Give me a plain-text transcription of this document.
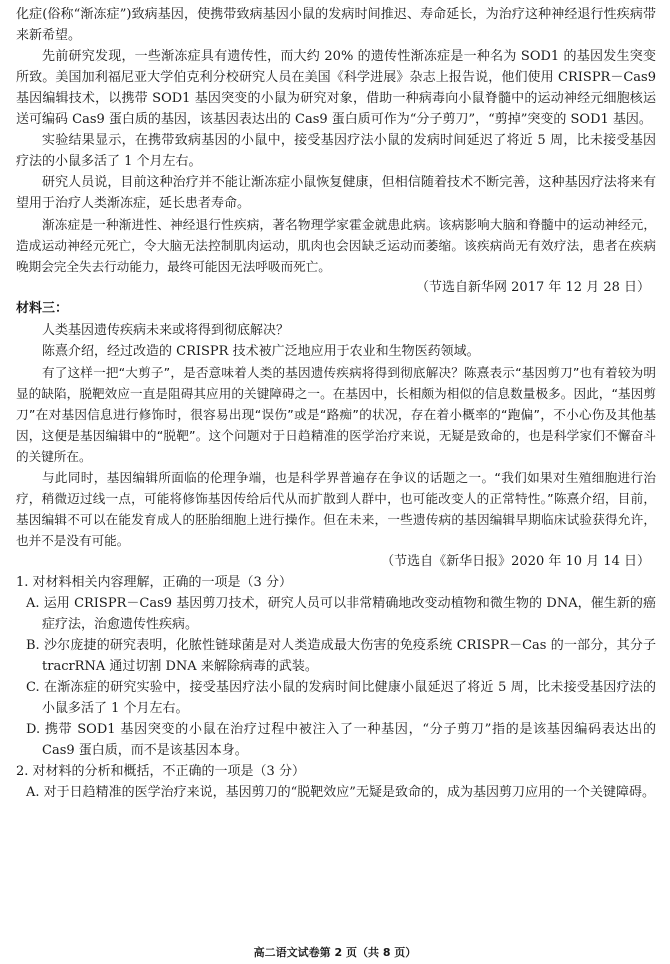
化症(俗称“渐冻症”)致病基因，使携带致病基因小鼠的发病时间推迟、寿命延长，为治疗这种神经退行性疾病带来新希望。

先前研究发现，一些渐冻症具有遗传性，而大约 20% 的遗传性渐冻症是一种名为 SOD1 的基因发生突变所致。美国加利福尼亚大学伯克利分校研究人员在美国《科学进展》杂志上报告说，他们使用 CRISPR－Cas9 基因编辑技术，以携带 SOD1 基因突变的小鼠为研究对象，借助一种病毒向小鼠脊髓中的运动神经元细胞核运送可编码 Cas9 蛋白质的基因，该基因表达出的 Cas9 蛋白质可作为“分子剪刀”，“剪掉”突变的 SOD1 基因。

实验结果显示，在携带致病基因的小鼠中，接受基因疗法小鼠的发病时间延迟了将近 5 周，比未接受基因疗法的小鼠多活了 1 个月左右。

研究人员说，目前这种治疗并不能让渐冻症小鼠恢复健康，但相信随着技术不断完善，这种基因疗法将来有望用于治疗人类渐冻症，延长患者寿命。

渐冻症是一种渐进性、神经退行性疾病，著名物理学家霍金就患此病。该病影响大脑和脊髓中的运动神经元，造成运动神经元死亡，令大脑无法控制肌肉运动，肌肉也会因缺乏运动而萎缩。该疾病尚无有效疗法，患者在疾病晚期会完全失去行动能力，最终可能因无法呼吸而死亡。

（节选自新华网 2017 年 12 月 28 日）

材料三：

人类基因遗传疾病未来或将得到彻底解决？

陈熹介绍，经过改造的 CRISPR 技术被广泛地应用于农业和生物医药领域。

有了这样一把“大剪子”，是否意味着人类的基因遗传疾病将得到彻底解决？陈熹表示“基因剪刀”也有着较为明显的缺陷，脱靶效应一直是阻碍其应用的关键障碍之一。在基因中，长相颇为相似的信息数量极多。因此，“基因剪刀”在对基因信息进行修饰时，很容易出现“误伤”或是“路痴”的状况，存在着小概率的“跑偏”，不小心伤及其他基因，这便是基因编辑中的“脱靶”。这个问题对于日趋精准的医学治疗来说，无疑是致命的，也是科学家们不懈奋斗的关键所在。

与此同时，基因编辑所面临的伦理争端，也是科学界普遍存在争议的话题之一。“我们如果对生殖细胞进行治疗，稍微迈过线一点，可能将修饰基因传给后代从而扩散到人群中，也可能改变人的正常特性。”陈熹介绍，目前，基因编辑不可以在能发育成人的胚胎细胞上进行操作。但在未来，一些遗传病的基因编辑早期临床试验获得允许，也并不是没有可能。

（节选自《新华日报》2020 年 10 月 14 日）

1. 对材料相关内容理解，正确的一项是（3 分）

A. 运用 CRISPR－Cas9 基因剪刀技术，研究人员可以非常精确地改变动植物和微生物的 DNA，催生新的癌症疗法，治愈遗传性疾病。

B. 沙尔庞捷的研究表明，化脓性链球菌是对人类造成最大伤害的免疫系统 CRISPR－Cas 的一部分，其分子 tracrRNA 通过切割 DNA 来解除病毒的武装。

C. 在渐冻症的研究实验中，接受基因疗法小鼠的发病时间比健康小鼠延迟了将近 5 周，比未接受基因疗法的小鼠多活了 1 个月左右。

D. 携带 SOD1 基因突变的小鼠在治疗过程中被注入了一种基因，“分子剪刀”指的是该基因编码表达出的 Cas9 蛋白质，而不是该基因本身。

2. 对材料的分析和概括，不正确的一项是（3 分）

A. 对于日趋精准的医学治疗来说，基因剪刀的“脱靶效应”无疑是致命的，成为基因剪刀应用的一个关键障碍。

高二语文试卷第 2 页（共 8 页）
